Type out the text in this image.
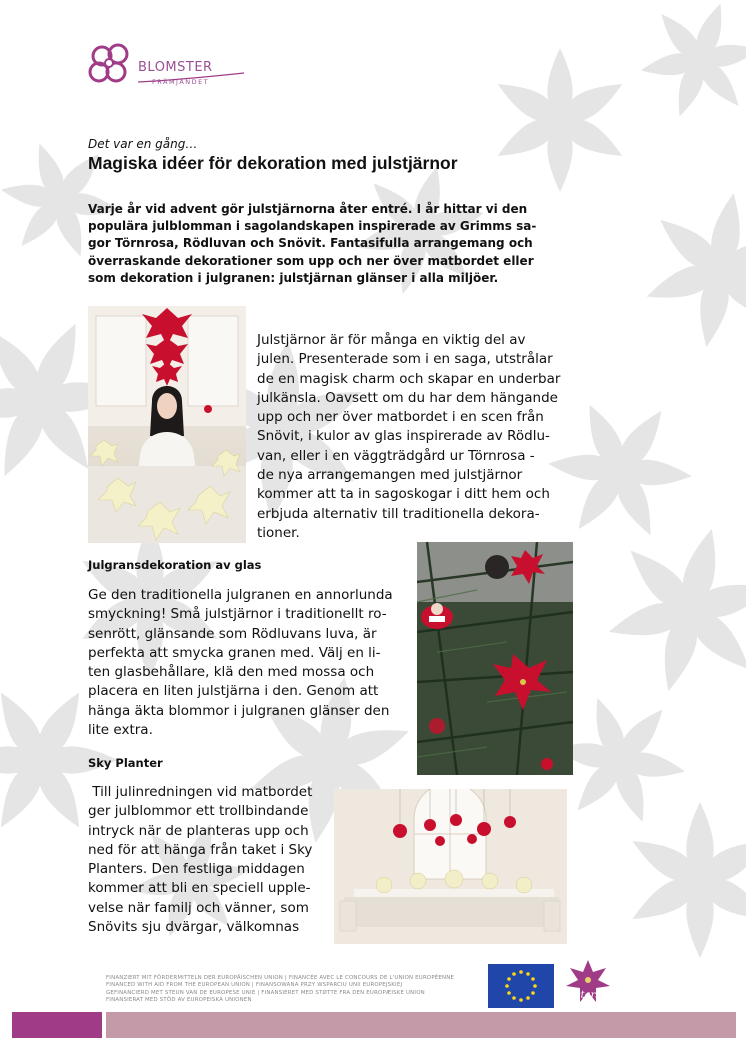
BLOMSTER
FRÄMJANDET
Det var en gång…
Magiska idéer för dekoration med julstjärnor
Varje år vid advent gör julstjärnorna åter entré. I år hittar vi den
populära julblomman i sagolandskapen inspirerade av Grimms sa-
gor Törnrosa, Rödluvan och Snövit. Fantasifulla arrangemang och
överraskande dekorationer som upp och ner över matbordet eller
som dekoration i julgranen: julstjärnan glänser i alla miljöer.
Julstjärnor är för många en viktig del av
julen. Presenterade som i en saga, utstrålar
de en magisk charm och skapar en underbar
julkänsla. Oavsett om du har dem hängande
upp och ner över matbordet i en scen från
Snövit, i kulor av glas inspirerade av Rödlu-
van, eller i en väggträdgård ur Törnrosa -
de nya arrangemangen med julstjärnor
kommer att ta in sagoskogar i ditt hem och
erbjuda alternativ till traditionella dekora-
tioner.
Julgransdekoration av glas
Ge den traditionella julgranen en annorlunda
smyckning! Små julstjärnor i traditionellt ro-
senrött, glänsande som Rödluvans luva, är
perfekta att smycka granen med. Välj en li-
ten glasbehållare, klä den med mossa och
placera en liten julstjärna i den. Genom att
hänga äkta blommor i julgranen glänser den
lite extra.
Sky Planter
Till julinredningen vid matbordet
ger julblommor ett trollbindande
intryck när de planteras upp och
ned för att hänga från taket i Sky
Planters. Den festliga middagen
kommer att bli en speciell upple-
velse när familj och vänner, som
Snövits sju dvärgar, välkomnas
FINANZIERT MIT FÖRDERMITTELN DER EUROPÄISCHEN UNION | FINANCÉE AVEC LE CONCOURS DE L'UNION EUROPÉENNE
FINANCED WITH AID FROM THE EUROPEAN UNION | FINANSOWANA PRZY WSPARCIU UNII EUROPEJSKIEJ
GEFINANCIERD MET STEUN VAN DE EUROPESE UNIE | FINANSIERET MED STØTTE FRA DEN EUROPÆISKE UNION
FINANSIERAT MED STÖD AV EUROPEISKA UNIONEN	stars
for europe
